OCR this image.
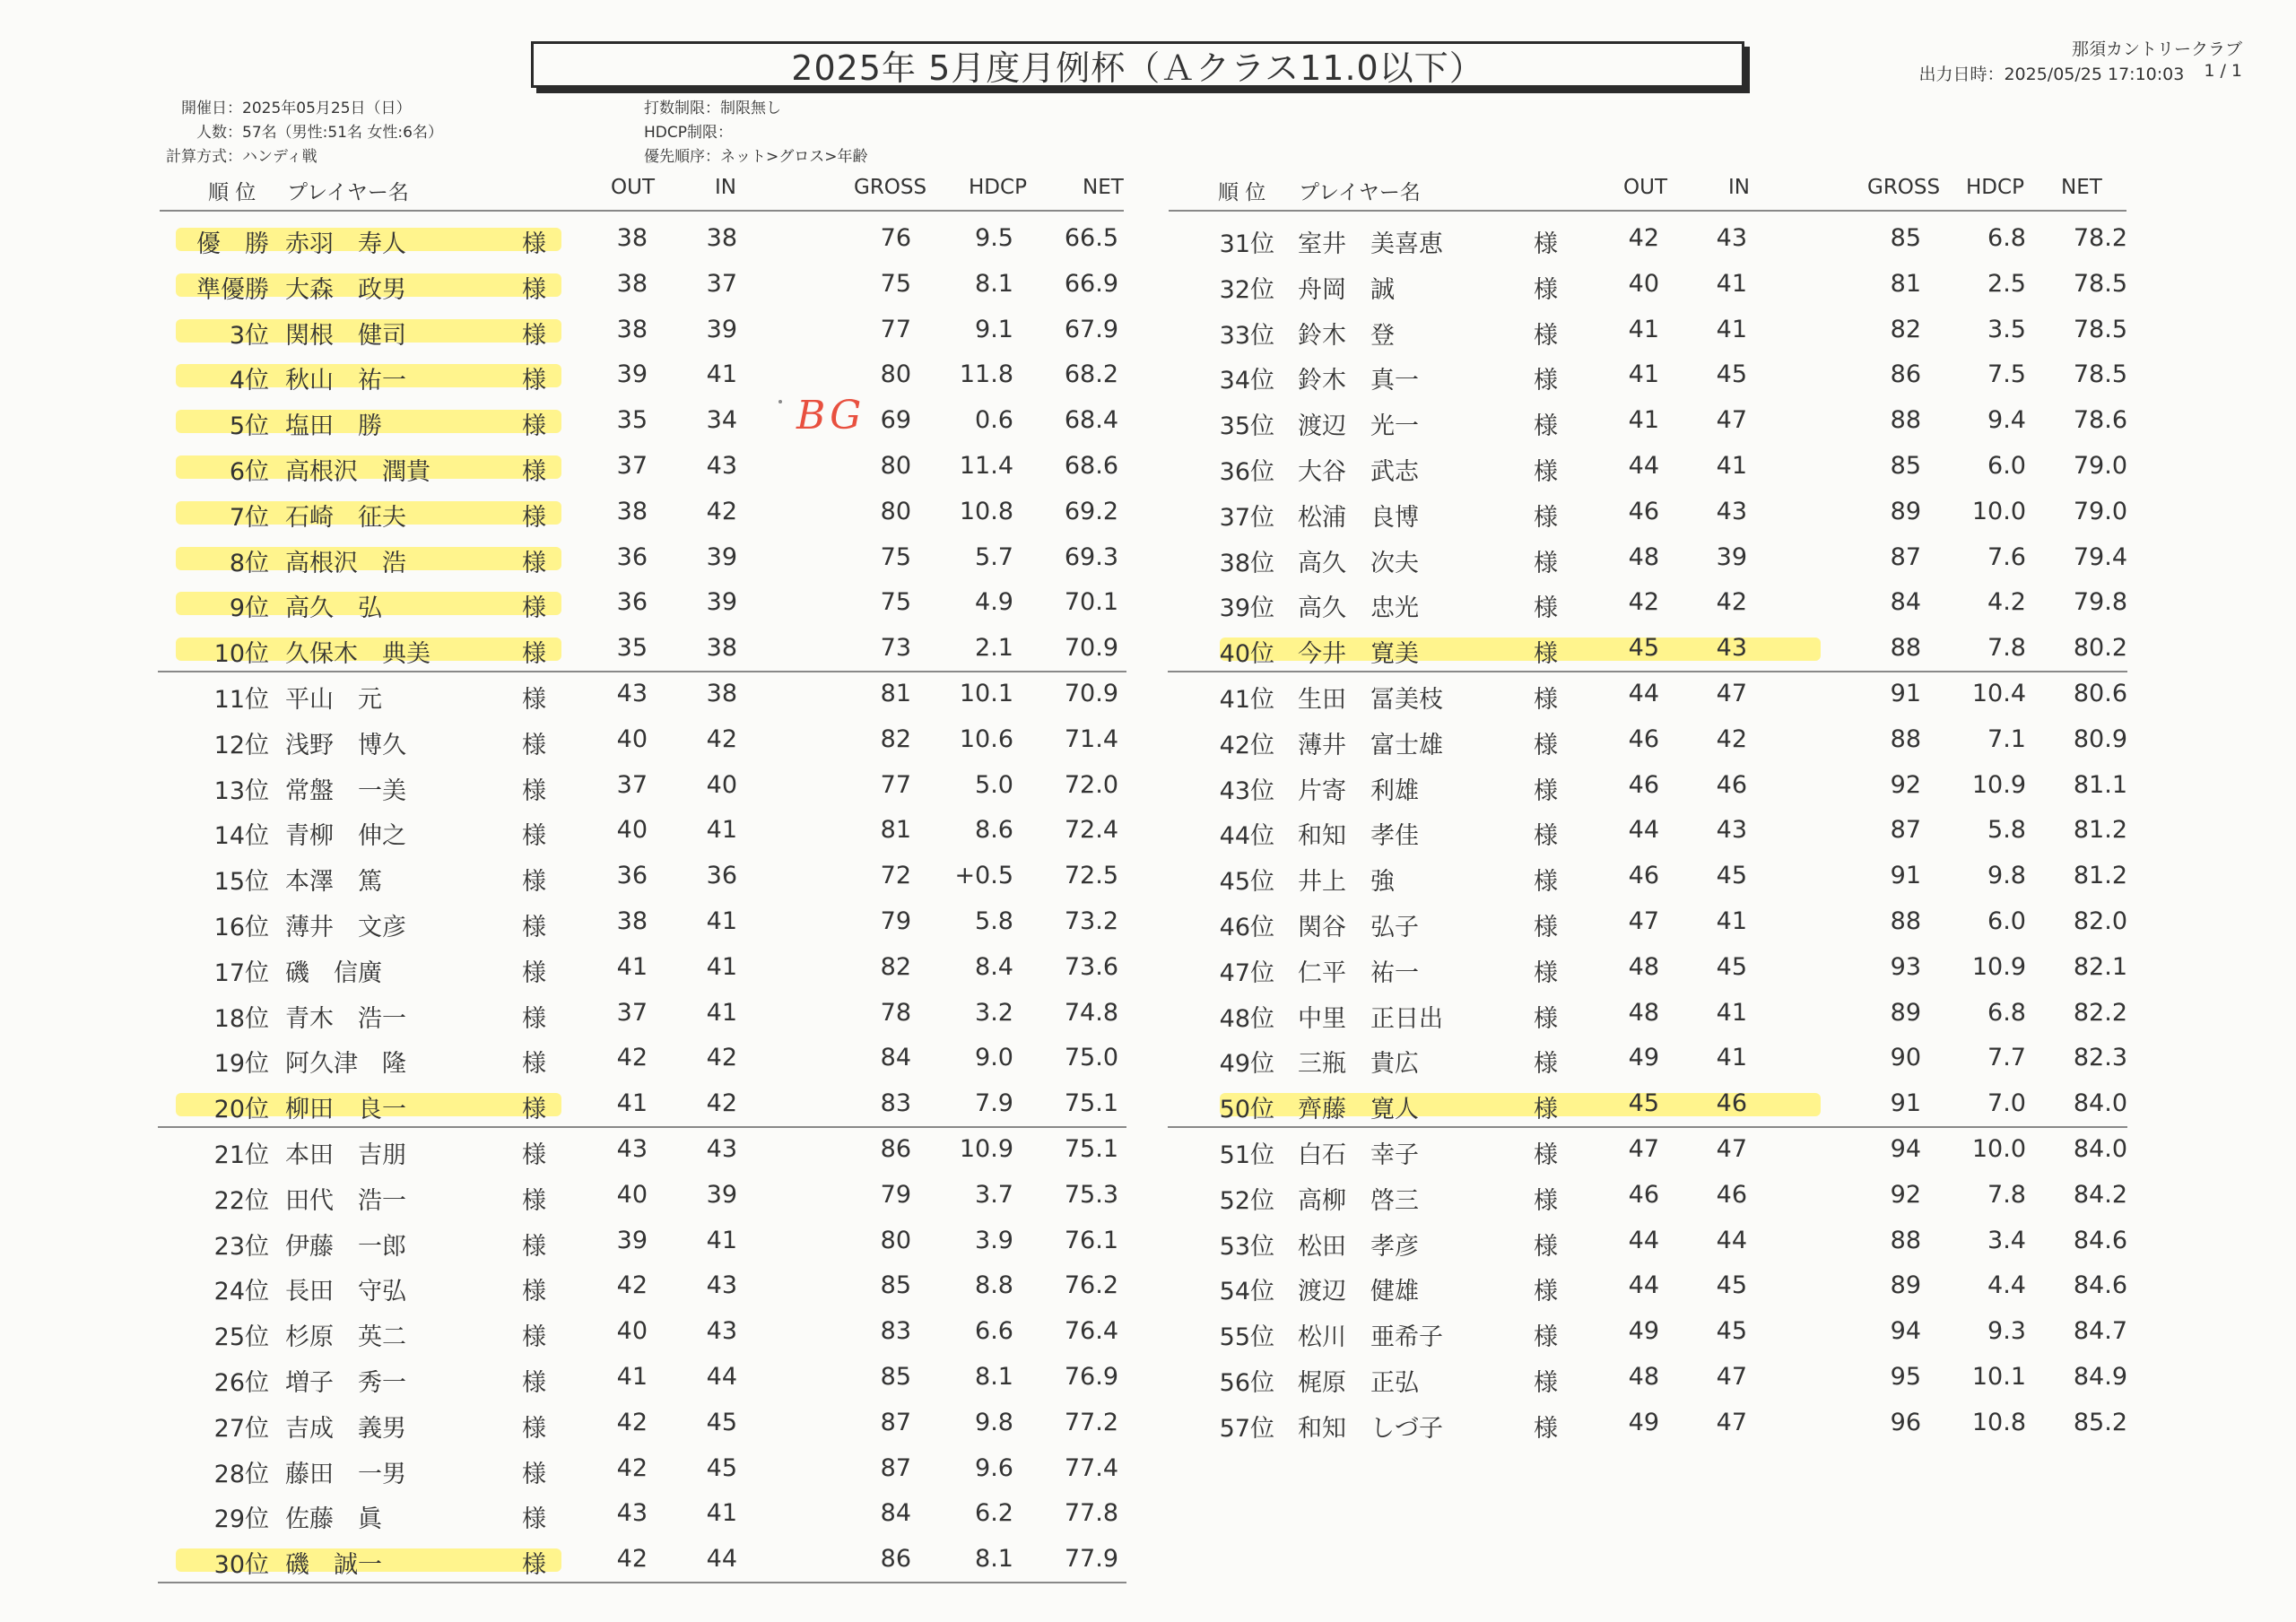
2025年 5月度月例杯（Ａクラス11.0以下）	那須カントリークラブ
出力日時：2025/05/25 17:10:03 1 / 1
開催日： 2025年05月25日（日）
人数： 57名（男性:51名 女性:6名）
計算方式： ハンディ戦
打数制限： 制限無し
HDCP制限：
優先順序： ネット>グロス>年齢
順 位 プレイヤー名	OUT	IN	GROSS HDCP	NET	順 位 プレイヤー名	OUT	IN	GROSS HDCP NET
優　勝 赤羽　寿人	様	38 38	76	9.5 66.5
準優勝 大森　政男	様	38 37	75	8.1 66.9
3位 関根　健司	様	38 39	77	9.1 67.9
4位 秋山　祐一	様	39 41	80 11.8 68.2
5位 塩田　勝	様	35 34	69	0.6 68.4
6位 高根沢　潤貴	様	37 43	80 11.4 68.6
7位 石崎　征夫	様	38 42	80 10.8 69.2
8位 高根沢　浩	様	36 39	75	5.7 69.3
9位 高久　弘	様	36 39	75	4.9 70.1
10位 久保木　典美	様	35 38	73	2.1 70.9
11位 平山　元	様	43 38	81 10.1 70.9
12位 浅野　博久	様	40 42	82 10.6 71.4
13位 常盤　一美	様	37 40	77	5.0 72.0
14位 青柳　伸之	様	40 41	81	8.6 72.4
15位 本澤　篤	様	36 36	72 +0.5 72.5
16位 薄井　文彦	様	38 41	79	5.8 73.2
17位 磯　信廣	様	41 41	82	8.4 73.6
18位 青木　浩一	様	37 41	78	3.2 74.8
19位 阿久津　隆	様	42 42	84	9.0 75.0
20位 柳田　良一	様	41 42	83	7.9 75.1
21位 本田　吉朋	様	43 43	86 10.9 75.1
22位 田代　浩一	様	40 39	79	3.7 75.3
23位 伊藤　一郎	様	39 41	80	3.9 76.1
24位 長田　守弘	様	42 43	85	8.8 76.2
25位 杉原　英二	様	40 43	83	6.6 76.4
26位 増子　秀一	様	41 44	85	8.1 76.9
27位 吉成　義男	様	42 45	87	9.8 77.2
28位 藤田　一男	様	42 45	87	9.6 77.4
29位 佐藤　眞	様	43 41	84	6.2 77.8
30位 磯　誠一	様	42 44	86	8.1 77.9
31位 室井　美喜恵	様	42 43	85	6.8 78.2
32位 舟岡　誠	様	40 41	81	2.5 78.5
33位 鈴木　登	様	41 41	82	3.5 78.5
34位 鈴木　真一	様	41 45	86	7.5 78.5
35位 渡辺　光一	様	41 47	88	9.4 78.6
36位 大谷　武志	様	44 41	85	6.0 79.0
37位 松浦　良博	様	46 43	89 10.0 79.0
38位 高久　次夫	様	48 39	87	7.6 79.4
39位 高久　忠光	様	42 42	84	4.2 79.8
40位 今井　寛美	様	45 43	88	7.8 80.2
41位 生田　冨美枝	様	44 47	91 10.4 80.6
42位 薄井　富士雄	様	46 42	88	7.1 80.9
43位 片寄　利雄	様	46 46	92 10.9 81.1
44位 和知　孝佳	様	44 43	87	5.8 81.2
45位 井上　強	様	46 45	91	9.8 81.2
46位 関谷　弘子	様	47 41	88	6.0 82.0
47位 仁平　祐一	様	48 45	93 10.9 82.1
48位 中里　正日出	様	48 41	89	6.8 82.2
49位 三瓶　貴広	様	49 41	90	7.7 82.3
50位 齊藤　寛人	様	45 46	91	7.0 84.0
51位 白石　幸子	様	47 47	94 10.0 84.0
52位 高柳　啓三	様	46 46	92	7.8 84.2
53位 松田　孝彦	様	44 44	88	3.4 84.6
54位 渡辺　健雄	様	44 45	89	4.4 84.6
55位 松川　亜希子	様	49 45	94	9.3 84.7
56位 梶原　正弘	様	48 47	95 10.1 84.9
57位 和知　しづ子	様	49 47	96 10.8 85.2
BG
